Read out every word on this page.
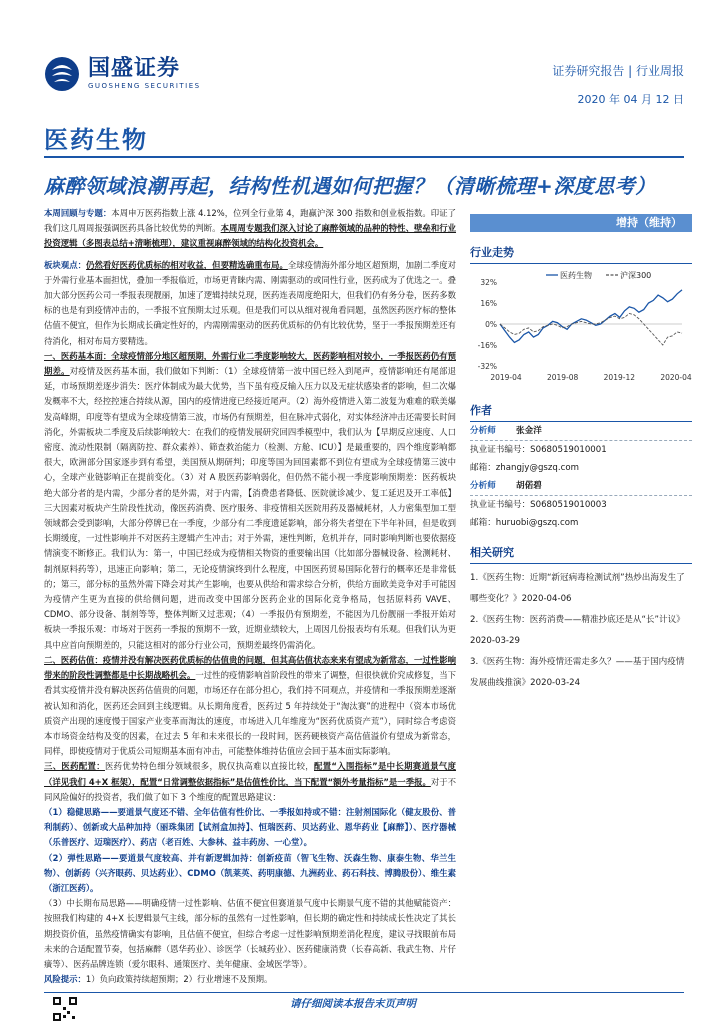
国盛证券
GUOSHENG SECURITIES
证券研究报告 | 行业周报
2020 年 04 月 12 日
医药生物
麻醉领域浪潮再起，结构性机遇如何把握？（清晰梳理+深度思考）

本周回顾与专题：本周申万医药指数上涨 4.12%，位列全行业第 4，跑赢沪深 300 指数和创业板指数。印证了我们这几周周报强调医药具备比较优势的判断。本周周专题我们深入讨论了麻醉领域的品种的特性、壁垒和行业投资逻辑（多图表总结+清晰梳理），建议重视麻醉领域的结构化投资机会。

板块观点：仍然看好医药优质标的相对收益，但要精选确重布局。全球疫情海外部分地区超预期，加剧二季度对于外需行业基本面担忧，叠加一季报临近，市场更青睐内需、刚需驱动的或同性行业，医药成为了优选之一。叠加大部分医药公司一季报表现靓丽，加速了逻辑持续兑现，医药连表周度绝阳大，但我们仍有务分卷，医药多数标的也是有到疫情冲击的，一季报不宜预期太过乐观。但是我们可以从细对视角看同题，虽然医药医疗标的整体估值不便宜，但作为长期成长确定性好的，内需刚需驱动的医药优质标的仍有比较优势，坚于一季报预期差还有待消化，相对布局方要精选。

一、医药基本面：全球疫情部分地区超预期，外需行业二季度影响较大，医药影响相对较小，一季报医药仍有预期差。对疫情及医药基本面，我们做如下判断：（1）全球疫情第一波中国已经入到尾声，疫情影响还有尾部退延，市场预期差逐步消失：医疗体制成为最大优势，当下虽有疫反输入压力以及无症状感染者的影响，但二次爆发概率不大，经控控速合持续从源，国内的疫情进度已经接近尾声。（2）海外疫情进入第二波复为难难的联美爆发高峰期，印度等有望成为全球疫情第三波，市场仍有预期差，但在脉冲式弱化，对实体经济冲击还需要长时间消化，外需板块二季度及后续影响较大：在我们的疫情发展研究回四季模型中，我们认为【早期反应速度、人口密度、流动性限制（隔离防控、群众素养）、筛查救治能力（检测、方舱、ICU）】是最重要的，四个维度影响都很大，欧洲部分国家逐步到有希望，美国预从期研判；印度等国为回国素都不到位有望成为全球疫情第三波中心，全球产业链影响正在提前变化。（3）对 A 股医药影响弱化，但仍然不能小视一季度影响预期差：医药板块绝大部分者的是内需，少部分者的是外需，对于内需，【消费患者降低、医院就诊减少、复工延迟及开工率低】三大因素对板块产生阶段性扰动，像医药消费、医疗服务、非疫情相关医院用药及器械耗材，人力密集型加工型领域都会受到影响，大部分停牌已在一季度，少部分有二季度遗延影响，部分将失者望在下半年补回，但是收到长期缓度，一过性影响并不对医药主逻辑产生冲击；对于外需，速性判断，危机并存，同时影响判断也要依据疫情演变不断修正。我们认为：第一，中国已经成为疫情相关物资的重要输出国（比如部分器械设备、检测耗材、制剂原料药等），迅速正向影响；第二，无论疫情演终到什么程度，中国医药贸易国际化替行的概率还是非常低的；第三，部分标的虽然外需下降会对其产生影响，也要从供给和需求综合分析，供给方面欧美竞争对手可能因为疫情产生更为直接的供给侧问题，进而改变中国部分医药企业的国际化竞争格局，包括原料药 VAVE、CDMO、部分设备、制剂等等，整体判断又过悲观；（4）一季报仍有预期差，不能因为几份靓丽一季报开始对板块一季报乐观：市场对于医药一季报的预期不一致，近期业绩较大，上周因几份报表均有乐观。但我们认为更具中应首向预期差的，只能这相对的部分行业公司，预期差最终仍需消化。

二、医药估值：疫情并没有解决医药优质标的估值贵的问题，但其高估值状态来来有望成为新常态，一过性影响带来的阶段性调整都是中长期战略机会。一过性的疫情影响首阶段性的带来了调整，但很快就价究成修复，当下看其实疫情并没有解决医药估值贵的问题，市场还存在部分担心，我们持不同观点，并疫情和一季报预期差逐渐被认知和消化，医药还会回到主线逻辑。从长期角度看，医药过 5 年持续处于“淘汰赛”的进程中（资本市场优质资产出现的速度慢于国家产业变革而淘汰的速度，市场进入几年维度为“医药优质资产荒”），同时综合考虑资本市场资金结构及变的因素，在过去 5 年和未来很长的一段时间，医药硬核资产高估值溢价有望成为新常态，同样，即使疫情对于优质公司短期基本面有冲击，可能整体维持估值应会回于基本面实际影响。

三、医药配置：医药优势特色细分领域很多，脱仅执高难以直接比较，配置“入围指标”是中长期赛道景气度（详见我们 4+X 框架），配置“日常调整依据指标”是估值性价比，当下配置“额外考量指标”是一季报。对于不同风险偏好的投资者，我们做了如下 3 个维度的配置思路建议：

（1）稳健思路——要道景气度还不错、全年估值有性价比、一季报如持或不错：注射剂国际化（健友股份、普利制药）、创新或大品种加持（丽珠集团【试剂盒加持】、恒瑞医药、贝达药业、恩华药业【麻醉】）、医疗器械（乐普医疗、迈瑞医疗）、药店（老百姓、大参林、益丰药房、一心堂）。

（2）弹性思路——要道景气度较高、并有新逻辑加持：创新疫苗（智飞生物、沃森生物、康泰生物、华兰生物）、创新药（兴齐眼药、贝达药业）、CDMO（凯莱英、药明康德、九洲药业、药石科技、博腾股份）、维生素（浙江医药）。

（3）中长期布局思路——明确疫情一过性影响、估值不便宜但赛道景气度中长期景气度不错的其他赋能资产：按照我们构建的 4+X 长逻辑景气主线，部分标的虽然有一过性影响，但长期的确定性和持续成长性决定了其长期投资价值，虽然疫情确实有影响，且估值不便宜，但综合考虑一过性影响预期差消化程度，建议寻找眼前布局未来的合适配置节奏，包括麻醉（恩华药业）、诊医学（长城药业）、医药健康消费（长春高新、我武生物、片仔癀等）、医药品牌连锁（爱尔眼科、通策医疗、美年健康、金域医学等）。

风险提示：1）负向政策持续超预期；2）行业增速不及预期。

增持（维持）
行业走势
32%
16%
0%
-16%
-32%
2019-04	2019-08	2019-12	2020-04
医药生物	沪深300
作者
分析师	张金洋
执业证书编号：S0680519010001
邮箱：zhangjy@gszq.com
分析师	胡偌碧
执业证书编号：S0680519010003
邮箱：huruobi@gszq.com
相关研究
1.《医药生物：近期“新冠病毒检测试剂”热炒出海发生了哪些变化？》2020-04-06
2.《医药生物：医药消费——精准抄底还是从“长”计议》2020-03-29
3.《医药生物：海外疫情还需走多久？——基于国内疫情发展曲线推演》2020-03-24
请仔细阅读本报告末页声明
